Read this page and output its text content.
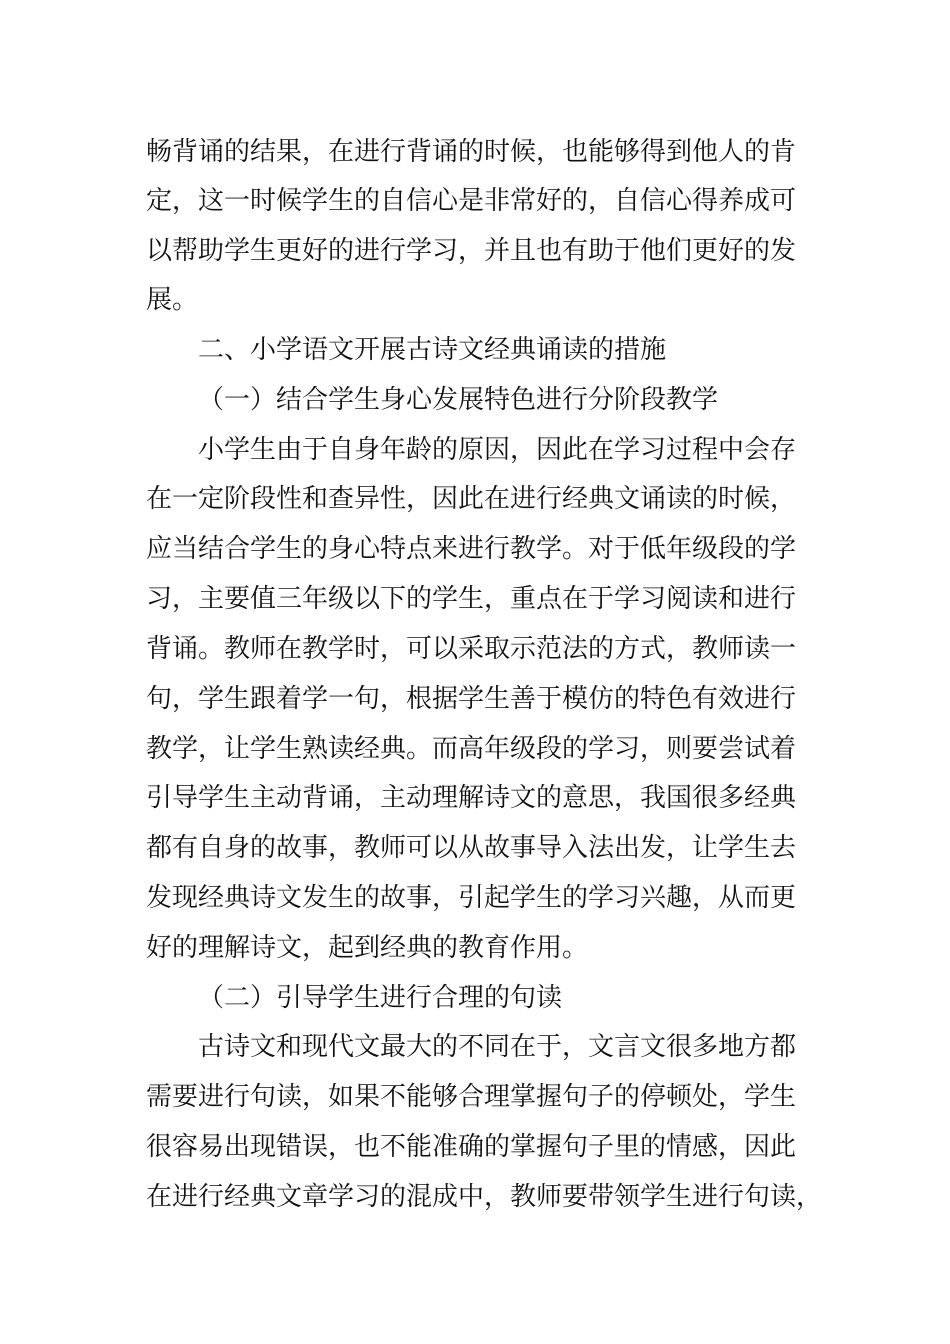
畅背诵的结果，在进行背诵的时候，也能够得到他人的肯
定，这一时候学生的自信心是非常好的，自信心得养成可
以帮助学生更好的进行学习，并且也有助于他们更好的发
展。
二、小学语文开展古诗文经典诵读的措施
（一）结合学生身心发展特色进行分阶段教学
小学生由于自身年龄的原因，因此在学习过程中会存
在一定阶段性和查异性，因此在进行经典文诵读的时候，
应当结合学生的身心特点来进行教学。对于低年级段的学
习，主要值三年级以下的学生，重点在于学习阅读和进行
背诵。教师在教学时，可以采取示范法的方式，教师读一
句，学生跟着学一句，根据学生善于模仿的特色有效进行
教学，让学生熟读经典。而高年级段的学习，则要尝试着
引导学生主动背诵，主动理解诗文的意思，我国很多经典
都有自身的故事，教师可以从故事导入法出发，让学生去
发现经典诗文发生的故事，引起学生的学习兴趣，从而更
好的理解诗文，起到经典的教育作用。
（二）引导学生进行合理的句读
古诗文和现代文最大的不同在于，文言文很多地方都
需要进行句读，如果不能够合理掌握句子的停顿处，学生
很容易出现错误，也不能准确的掌握句子里的情感，因此
在进行经典文章学习的混成中，教师要带领学生进行句读，
